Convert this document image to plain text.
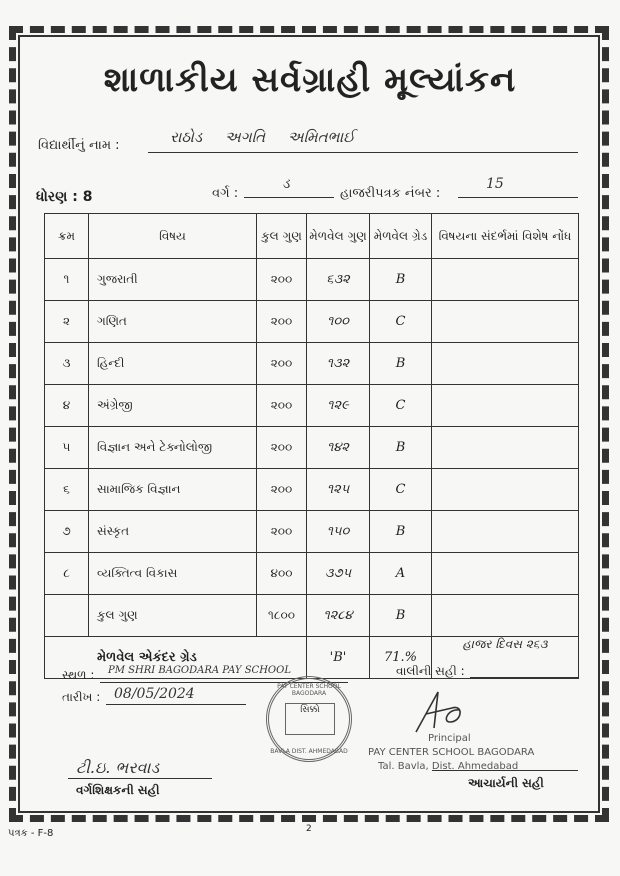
શાળાકીય સર્વગ્રાહી મૂલ્યાંકન
વિદ્યાર્થીનું નામ :	રાઠોડ અગતિ અમિતભાઈ
ધોરણ : 8	વર્ગ :
ડ
હાજરીપત્રક નંબર :
15
ક્રમ	વિષય	કુલ ગુણ	મેળવેલ ગુણ	મેળવેલ ગ્રેડ	વિષયના સંદર્ભમાં વિશેષ નોંધ
૧	ગુજરાતી	૨૦૦	૬૩૨	B	
૨	ગણિત	૨૦૦	૧૦૦	C	
૩	હિન્દી	૨૦૦	૧૩૨	B	
૪	અંગ્રેજી	૨૦૦	૧૨૯	C	
૫	વિજ્ઞાન અને ટેક્નોલોજી	૨૦૦	૧૪૨	B	
૬	સામાજિક વિજ્ઞાન	૨૦૦	૧૨૫	C	
૭	સંસ્કૃત	૨૦૦	૧૫૦	B	
૮	વ્યક્તિત્વ વિકાસ	૪૦૦	૩૭૫	A	
	કુલ ગુણ	૧૮૦૦	૧૨૮૪	B	
મેળવેલ એકંદર ગ્રેડ			'B'	71.%	હાજર દિવસ ૨૬૩
સ્થળ : PM SHRI BAGODARA PAY SCHOOL
તારીખ : 08/05/2024
વાલીની સહી :
PAY CENTER SCHOOL BAGODARA
સિક્કો
BAVLA DIST. AHMEDABAD
Principal
PAY CENTER SCHOOL BAGODARA
Tal. Bavla, Dist. Ahmedabad
ટી.ઇ. ભરવાડ
વર્ગશિક્ષકની સહી	આચાર્યની સહી
પત્રક - F-8	2
